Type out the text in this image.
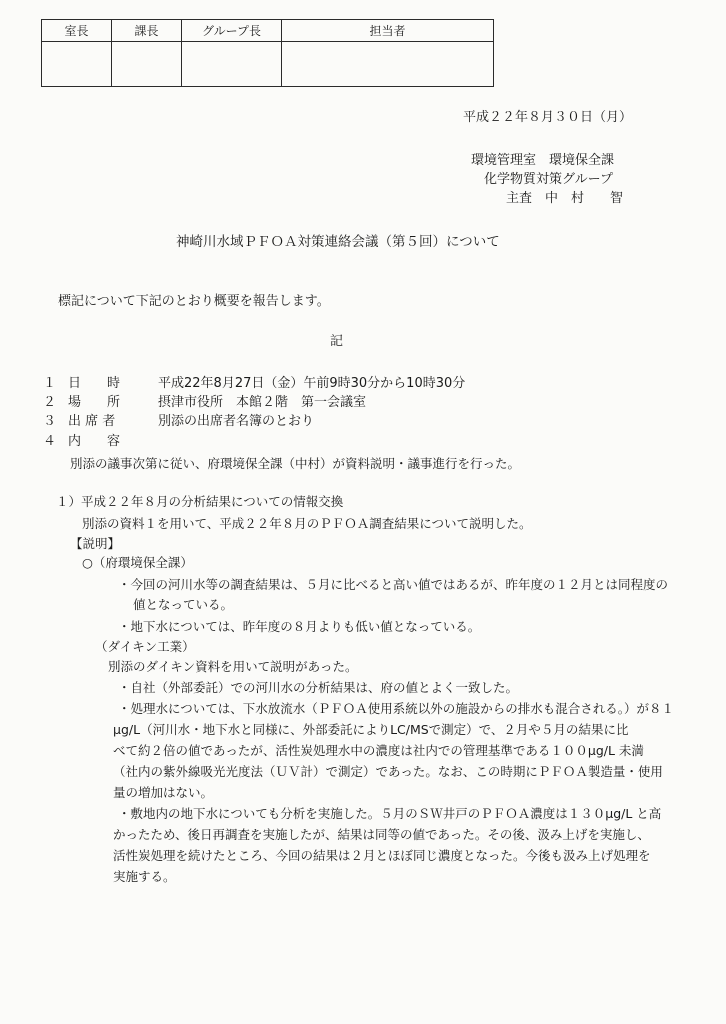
室長	課長	グループ長	担当者

平成２２年８月３０日（月）
環境管理室　環境保全課
化学物質対策グループ
主査　中　村　　智
神崎川水域ＰＦＯＡ対策連絡会議（第５回）について
標記について下記のとおり概要を報告します。
記
１ 日　　時	平成22年8月27日（金）午前9時30分から10時30分
２ 場　　所	摂津市役所　本館２階　第一会議室
３ 出 席 者	別添の出席者名簿のとおり
４ 内　　容
別添の議事次第に従い、府環境保全課（中村）が資料説明・議事進行を行った。
１）平成２２年８月の分析結果についての情報交換
別添の資料１を用いて、平成２２年８月のＰＦＯＡ調査結果について説明した。
【説明】
○（府環境保全課）
・今回の河川水等の調査結果は、５月に比べると高い値ではあるが、昨年度の１２月とは同程度の
値となっている。
・地下水については、昨年度の８月よりも低い値となっている。
（ダイキン工業）
別添のダイキン資料を用いて説明があった。
・自社（外部委託）での河川水の分析結果は、府の値とよく一致した。
・処理水については、下水放流水（ＰＦＯＡ使用系統以外の施設からの排水も混合される。）が８１
μg/L（河川水・地下水と同様に、外部委託によりLC/MSで測定）で、２月や５月の結果に比
べて約２倍の値であったが、活性炭処理水中の濃度は社内での管理基準である１００μg/L 未満
（社内の紫外線吸光光度法（ＵＶ計）で測定）であった。なお、この時期にＰＦＯＡ製造量・使用
量の増加はない。
・敷地内の地下水についても分析を実施した。５月のＳＷ井戸のＰＦＯＡ濃度は１３０μg/L と高
かったため、後日再調査を実施したが、結果は同等の値であった。その後、汲み上げを実施し、
活性炭処理を続けたところ、今回の結果は２月とほぼ同じ濃度となった。今後も汲み上げ処理を
実施する。
